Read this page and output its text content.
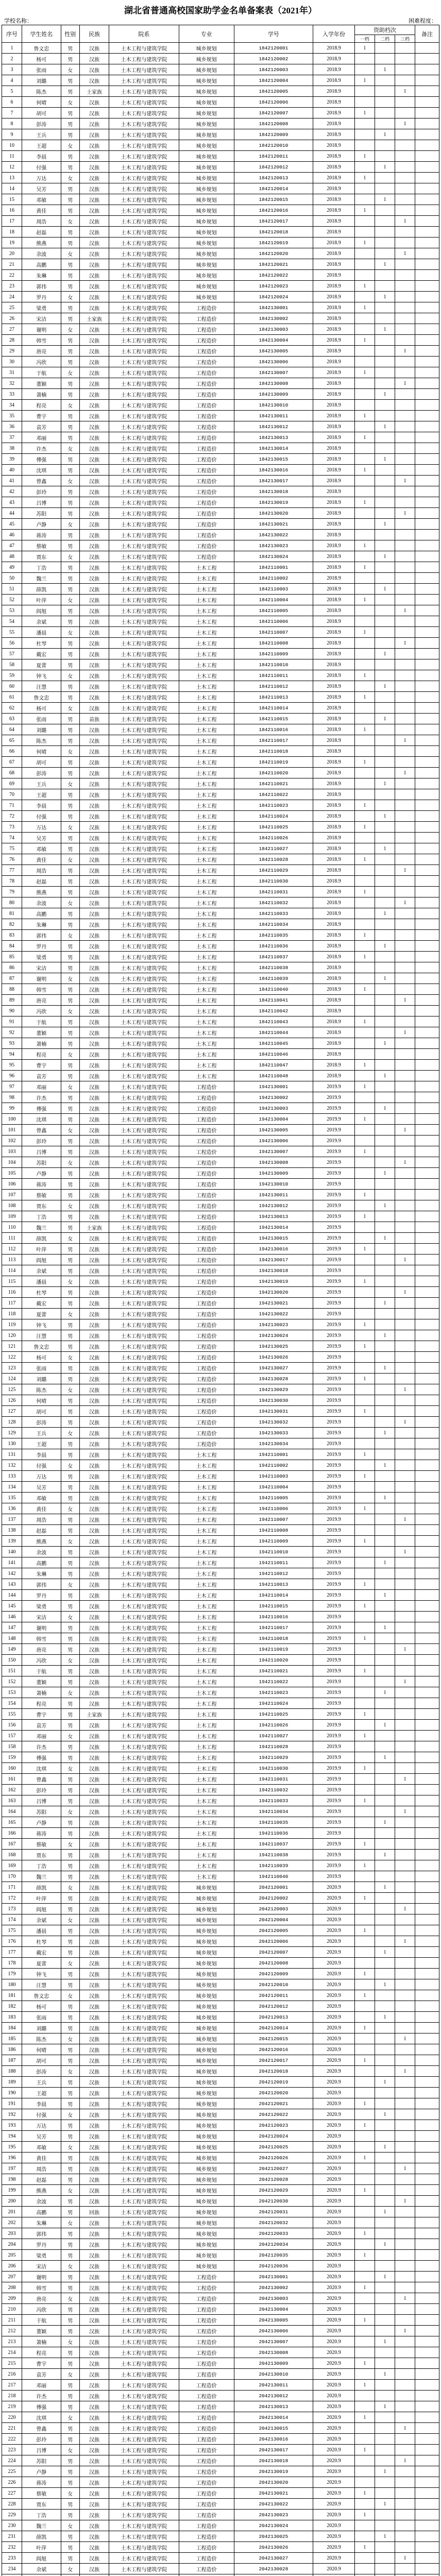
湖北省普通高校国家助学金名单备案表（2021年）
学校名称：	困难程度：
序号	学生姓名	性别	民族	院系	专业	学号	入学年份	资助档次			备注
								一档	二档	三档	
1	鲁文忠	男	汉族	土木工程与建筑学院	城乡规划	1842120001	2018.9	1			
2	杨可	男	汉族	土木工程与建筑学院	城乡规划	1842120002	2018.9				
3	张雨	女	汉族	土木工程与建筑学院	城乡规划	1842120003	2018.9		1		
4	刘璐	男	汉族	土木工程与建筑学院	城乡规划	1842120004	2018.9	1			
5	陈杰	男	土家族	土木工程与建筑学院	城乡规划	1842120005	2018.9			1	
6	何晴	女	汉族	土木工程与建筑学院	城乡规划	1842120006	2018.9				
7	胡可	男	汉族	土木工程与建筑学院	城乡规划	1842120007	2018.9	1			
8	彭涛	男	汉族	土木工程与建筑学院	城乡规划	1842120008	2018.9			1	
9	王兵	男	汉族	土木工程与建筑学院	城乡规划	1842120009	2018.9		1		
10	王超	女	汉族	土木工程与建筑学院	城乡规划	1842120010	2018.9				
11	李晨	男	汉族	土木工程与建筑学院	城乡规划	1842120011	2018.9	1			
12	付强	男	汉族	土木工程与建筑学院	城乡规划	1842120012	2018.9		1		
13	万达	女	汉族	土木工程与建筑学院	城乡规划	1842120013	2018.9	1			
14	吴芳	男	汉族	土木工程与建筑学院	城乡规划	1842120014	2018.9				
15	邓敏	男	汉族	土木工程与建筑学院	城乡规划	1842120015	2018.9		1		
16	黄佳	男	汉族	土木工程与建筑学院	城乡规划	1842120016	2018.9	1			
17	周浩	女	汉族	土木工程与建筑学院	城乡规划	1842120017	2018.9			1	
18	赵磊	男	汉族	土木工程与建筑学院	城乡规划	1842120018	2018.9				
19	熊燕	男	汉族	土木工程与建筑学院	城乡规划	1842120019	2018.9	1			
20	余波	女	汉族	土木工程与建筑学院	城乡规划	1842120020	2018.9			1	
21	高鹏	男	汉族	土木工程与建筑学院	城乡规划	1842120021	2018.9		1		
22	朱琳	男	汉族	土木工程与建筑学院	城乡规划	1842120022	2018.9				
23	郭伟	男	汉族	土木工程与建筑学院	城乡规划	1842120023	2018.9	1			
24	罗丹	女	汉族	土木工程与建筑学院	城乡规划	1842120024	2018.9		1		
25	梁勇	男	汉族	土木工程与建筑学院	工程造价	1842130001	2018.9	1			
26	宋洁	男	土家族	土木工程与建筑学院	工程造价	1842130002	2018.9				
27	谢明	女	汉族	土木工程与建筑学院	工程造价	1842130003	2018.9		1		
28	韩雪	男	汉族	土木工程与建筑学院	工程造价	1842130004	2018.9	1			
29	唐亮	男	汉族	土木工程与建筑学院	工程造价	1842130005	2018.9			1	
30	冯欣	男	汉族	土木工程与建筑学院	工程造价	1842130006	2018.9				
31	于航	女	汉族	土木工程与建筑学院	工程造价	1842130007	2018.9	1			
32	董颖	男	汉族	土木工程与建筑学院	工程造价	1842130008	2018.9			1	
33	萧楠	男	汉族	土木工程与建筑学院	工程造价	1842130009	2018.9		1		
34	程亮	女	汉族	土木工程与建筑学院	工程造价	1842130010	2018.9				
35	曹宇	男	汉族	土木工程与建筑学院	工程造价	1842130011	2018.9	1			
36	袁芳	男	汉族	土木工程与建筑学院	工程造价	1842130012	2018.9		1		
37	邓丽	男	汉族	土木工程与建筑学院	工程造价	1842130013	2018.9	1			
38	许杰	女	汉族	土木工程与建筑学院	工程造价	1842130014	2018.9				
39	傅强	男	汉族	土木工程与建筑学院	工程造价	1842130015	2018.9		1		
40	沈琪	男	汉族	土木工程与建筑学院	工程造价	1842130016	2018.9	1			
41	曾鑫	女	汉族	土木工程与建筑学院	工程造价	1842130017	2018.9			1	
42	彭玲	男	汉族	土木工程与建筑学院	工程造价	1842130018	2018.9				
43	吕博	男	汉族	土木工程与建筑学院	工程造价	1842130019	2018.9	1			
44	苏阳	男	汉族	土木工程与建筑学院	工程造价	1842130020	2018.9			1	
45	卢静	女	汉族	土木工程与建筑学院	工程造价	1842130021	2018.9		1		
46	蒋涛	男	汉族	土木工程与建筑学院	工程造价	1842130022	2018.9				
47	蔡敏	男	汉族	土木工程与建筑学院	工程造价	1842130023	2018.9	1			
48	贾东	女	汉族	土木工程与建筑学院	工程造价	1842130024	2018.9		1		
49	丁浩	男	汉族	土木工程与建筑学院	土木工程	1842110001	2018.9	1			
50	魏兰	男	汉族	土木工程与建筑学院	土木工程	1842110002	2018.9				
51	薛凯	男	汉族	土木工程与建筑学院	土木工程	1842110003	2018.9		1		
52	叶萍	女	汉族	土木工程与建筑学院	土木工程	1842110004	2018.9	1			
53	阎旭	男	汉族	土木工程与建筑学院	土木工程	1842110005	2018.9			1	
54	余斌	男	汉族	土木工程与建筑学院	土木工程	1842110006	2018.9				
55	潘晨	女	汉族	土木工程与建筑学院	土木工程	1842110007	2018.9	1			
56	杜琴	男	汉族	土木工程与建筑学院	土木工程	1842110008	2018.9			1	
57	戴宏	男	汉族	土木工程与建筑学院	土木工程	1842110009	2018.9		1		
58	夏蕾	男	汉族	土木工程与建筑学院	土木工程	1842110010	2018.9				
59	钟飞	女	汉族	土木工程与建筑学院	土木工程	1842110011	2018.9	1			
60	汪慧	男	汉族	土木工程与建筑学院	土木工程	1842110012	2018.9		1		
61	鲁文忠	男	汉族	土木工程与建筑学院	土木工程	1842110013	2018.9	1			
62	杨可	女	汉族	土木工程与建筑学院	土木工程	1842110014	2018.9				
63	张雨	男	苗族	土木工程与建筑学院	土木工程	1842110015	2018.9		1		
64	刘璐	男	汉族	土木工程与建筑学院	土木工程	1842110016	2018.9	1			
65	陈杰	男	汉族	土木工程与建筑学院	土木工程	1842110017	2018.9			1	
66	何晴	女	汉族	土木工程与建筑学院	土木工程	1842110018	2018.9				
67	胡可	男	汉族	土木工程与建筑学院	土木工程	1842110019	2018.9	1			
68	彭涛	男	汉族	土木工程与建筑学院	土木工程	1842110020	2018.9			1	
69	王兵	女	汉族	土木工程与建筑学院	土木工程	1842110021	2018.9		1		
70	王超	男	汉族	土木工程与建筑学院	土木工程	1842110022	2018.9				
71	李晨	男	汉族	土木工程与建筑学院	土木工程	1842110023	2018.9	1			
72	付强	男	汉族	土木工程与建筑学院	土木工程	1842110024	2018.9		1		
73	万达	女	汉族	土木工程与建筑学院	土木工程	1842110025	2018.9	1			
74	吴芳	男	汉族	土木工程与建筑学院	土木工程	1842110026	2018.9				
75	邓敏	男	汉族	土木工程与建筑学院	土木工程	1842110027	2018.9		1		
76	黄佳	女	汉族	土木工程与建筑学院	土木工程	1842110028	2018.9	1			
77	周浩	男	汉族	土木工程与建筑学院	土木工程	1842110029	2018.9			1	
78	赵磊	男	汉族	土木工程与建筑学院	土木工程	1842110030	2018.9				
79	熊燕	男	汉族	土木工程与建筑学院	土木工程	1842110031	2018.9	1			
80	余波	女	汉族	土木工程与建筑学院	土木工程	1842110032	2018.9			1	
81	高鹏	男	汉族	土木工程与建筑学院	土木工程	1842110033	2018.9		1		
82	朱琳	男	汉族	土木工程与建筑学院	土木工程	1842110034	2018.9				
83	郭伟	女	汉族	土木工程与建筑学院	土木工程	1842110035	2018.9	1			
84	罗丹	男	汉族	土木工程与建筑学院	土木工程	1842110036	2018.9		1		
85	梁勇	男	汉族	土木工程与建筑学院	土木工程	1842110037	2018.9	1			
86	宋洁	男	汉族	土木工程与建筑学院	土木工程	1842110038	2018.9				
87	谢明	女	汉族	土木工程与建筑学院	土木工程	1842110039	2018.9		1		
88	韩雪	男	汉族	土木工程与建筑学院	土木工程	1842110040	2018.9	1			
89	唐亮	男	汉族	土木工程与建筑学院	土木工程	1842110041	2018.9			1	
90	冯欣	女	汉族	土木工程与建筑学院	土木工程	1842110042	2018.9				
91	于航	男	汉族	土木工程与建筑学院	土木工程	1842110043	2018.9	1			
92	董颖	男	汉族	土木工程与建筑学院	土木工程	1842110044	2018.9			1	
93	萧楠	男	汉族	土木工程与建筑学院	土木工程	1842110045	2018.9		1		
94	程亮	女	汉族	土木工程与建筑学院	土木工程	1842110046	2018.9				
95	曹宇	男	汉族	土木工程与建筑学院	土木工程	1842110047	2018.9	1			
96	袁芳	男	汉族	土木工程与建筑学院	土木工程	1842110048	2018.9		1		
97	邓丽	女	汉族	土木工程与建筑学院	工程造价	1942130001	2019.9	1			
98	许杰	男	汉族	土木工程与建筑学院	工程造价	1942130002	2019.9				
99	傅强	男	汉族	土木工程与建筑学院	工程造价	1942130003	2019.9		1		
100	沈琪	男	汉族	土木工程与建筑学院	工程造价	1942130004	2019.9	1			
101	曾鑫	女	汉族	土木工程与建筑学院	工程造价	1942130005	2019.9			1	
102	彭玲	男	汉族	土木工程与建筑学院	工程造价	1942130006	2019.9				
103	吕博	男	汉族	土木工程与建筑学院	工程造价	1942130007	2019.9	1			
104	苏阳	女	汉族	土木工程与建筑学院	工程造价	1942130008	2019.9			1	
105	卢静	男	汉族	土木工程与建筑学院	工程造价	1942130009	2019.9		1		
106	蒋涛	男	汉族	土木工程与建筑学院	工程造价	1942130010	2019.9				
107	蔡敏	男	汉族	土木工程与建筑学院	工程造价	1942130011	2019.9	1			
108	贾东	女	汉族	土木工程与建筑学院	工程造价	1942130012	2019.9		1		
109	丁浩	男	汉族	土木工程与建筑学院	工程造价	1942130013	2019.9	1			
110	魏兰	男	土家族	土木工程与建筑学院	工程造价	1942130014	2019.9				
111	薛凯	女	汉族	土木工程与建筑学院	工程造价	1942130015	2019.9		1		
112	叶萍	男	汉族	土木工程与建筑学院	工程造价	1942130016	2019.9	1			
113	阎旭	男	汉族	土木工程与建筑学院	工程造价	1942130017	2019.9			1	
114	余斌	男	汉族	土木工程与建筑学院	工程造价	1942130018	2019.9				
115	潘晨	女	汉族	土木工程与建筑学院	工程造价	1942130019	2019.9	1			
116	杜琴	男	汉族	土木工程与建筑学院	工程造价	1942130020	2019.9			1	
117	戴宏	男	汉族	土木工程与建筑学院	工程造价	1942130021	2019.9		1		
118	夏蕾	女	汉族	土木工程与建筑学院	工程造价	1942130022	2019.9				
119	钟飞	男	汉族	土木工程与建筑学院	工程造价	1942130023	2019.9	1			
120	汪慧	男	汉族	土木工程与建筑学院	工程造价	1942130024	2019.9		1		
121	鲁文忠	男	汉族	土木工程与建筑学院	工程造价	1942130025	2019.9	1			
122	杨可	女	汉族	土木工程与建筑学院	工程造价	1942130026	2019.9				
123	张雨	男	汉族	土木工程与建筑学院	工程造价	1942130027	2019.9		1		
124	刘璐	男	汉族	土木工程与建筑学院	工程造价	1942130028	2019.9	1			
125	陈杰	女	汉族	土木工程与建筑学院	工程造价	1942130029	2019.9			1	
126	何晴	男	汉族	土木工程与建筑学院	工程造价	1942130030	2019.9				
127	胡可	男	汉族	土木工程与建筑学院	工程造价	1942130031	2019.9	1			
128	彭涛	男	汉族	土木工程与建筑学院	工程造价	1942130032	2019.9			1	
129	王兵	女	汉族	土木工程与建筑学院	工程造价	1942130033	2019.9		1		
130	王超	男	汉族	土木工程与建筑学院	工程造价	1942130034	2019.9				
131	李晨	男	汉族	土木工程与建筑学院	土木工程	1942110001	2019.9	1			
132	付强	女	汉族	土木工程与建筑学院	土木工程	1942110002	2019.9		1		
133	万达	男	汉族	土木工程与建筑学院	土木工程	1942110003	2019.9	1			
134	吴芳	男	汉族	土木工程与建筑学院	土木工程	1942110004	2019.9				
135	邓敏	男	汉族	土木工程与建筑学院	土木工程	1942110005	2019.9		1		
136	黄佳	女	汉族	土木工程与建筑学院	土木工程	1942110006	2019.9	1			
137	周浩	男	汉族	土木工程与建筑学院	土木工程	1942110007	2019.9			1	
138	赵磊	男	汉族	土木工程与建筑学院	土木工程	1942110008	2019.9				
139	熊燕	女	汉族	土木工程与建筑学院	土木工程	1942110009	2019.9	1			
140	余波	男	汉族	土木工程与建筑学院	土木工程	1942110010	2019.9			1	
141	高鹏	男	汉族	土木工程与建筑学院	土木工程	1942110011	2019.9		1		
142	朱琳	男	汉族	土木工程与建筑学院	土木工程	1942110012	2019.9				
143	郭伟	女	汉族	土木工程与建筑学院	土木工程	1942110013	2019.9	1			
144	罗丹	男	汉族	土木工程与建筑学院	土木工程	1942110014	2019.9		1		
145	梁勇	男	汉族	土木工程与建筑学院	土木工程	1942110015	2019.9	1			
146	宋洁	女	汉族	土木工程与建筑学院	土木工程	1942110016	2019.9				
147	谢明	男	汉族	土木工程与建筑学院	土木工程	1942110017	2019.9		1		
148	韩雪	男	汉族	土木工程与建筑学院	土木工程	1942110018	2019.9	1			
149	唐亮	男	汉族	土木工程与建筑学院	土木工程	1942110019	2019.9			1	
150	冯欣	女	汉族	土木工程与建筑学院	土木工程	1942110020	2019.9				
151	于航	男	汉族	土木工程与建筑学院	土木工程	1942110021	2019.9	1			
152	董颖	男	汉族	土木工程与建筑学院	土木工程	1942110022	2019.9			1	
153	萧楠	女	汉族	土木工程与建筑学院	土木工程	1942110023	2019.9		1		
154	程亮	男	汉族	土木工程与建筑学院	土木工程	1942110024	2019.9				
155	曹宇	男	土家族	土木工程与建筑学院	土木工程	1942110025	2019.9	1			
156	袁芳	男	汉族	土木工程与建筑学院	土木工程	1942110026	2019.9		1		
157	邓丽	女	汉族	土木工程与建筑学院	土木工程	1942110027	2019.9	1			
158	许杰	男	汉族	土木工程与建筑学院	土木工程	1942110028	2019.9				
159	傅强	男	汉族	土木工程与建筑学院	土木工程	1942110029	2019.9		1		
160	沈琪	女	汉族	土木工程与建筑学院	土木工程	1942110030	2019.9	1			
161	曾鑫	男	汉族	土木工程与建筑学院	土木工程	1942110031	2019.9			1	
162	彭玲	男	汉族	土木工程与建筑学院	土木工程	1942110032	2019.9				
163	吕博	男	汉族	土木工程与建筑学院	土木工程	1942110033	2019.9	1			
164	苏阳	女	汉族	土木工程与建筑学院	土木工程	1942110034	2019.9			1	
165	卢静	男	汉族	土木工程与建筑学院	土木工程	1942110035	2019.9		1		
166	蒋涛	男	汉族	土木工程与建筑学院	土木工程	1942110036	2019.9				
167	蔡敏	女	汉族	土木工程与建筑学院	土木工程	1942110037	2019.9	1			
168	贾东	男	汉族	土木工程与建筑学院	土木工程	1942110038	2019.9		1		
169	丁浩	男	汉族	土木工程与建筑学院	土木工程	1942110039	2019.9	1			
170	魏兰	男	汉族	土木工程与建筑学院	土木工程	1942110040	2019.9				
171	薛凯	女	汉族	土木工程与建筑学院	城乡规划	2042120001	2020.9		1		
172	叶萍	男	汉族	土木工程与建筑学院	城乡规划	2042120002	2020.9	1			
173	阎旭	男	汉族	土木工程与建筑学院	城乡规划	2042120003	2020.9			1	
174	余斌	女	汉族	土木工程与建筑学院	城乡规划	2042120004	2020.9				
175	潘晨	男	汉族	土木工程与建筑学院	城乡规划	2042120005	2020.9	1			
176	杜琴	男	汉族	土木工程与建筑学院	城乡规划	2042120006	2020.9			1	
177	戴宏	男	汉族	土木工程与建筑学院	城乡规划	2042120007	2020.9		1		
178	夏蕾	女	汉族	土木工程与建筑学院	城乡规划	2042120008	2020.9				
179	钟飞	男	汉族	土木工程与建筑学院	城乡规划	2042120009	2020.9	1			
180	汪慧	男	汉族	土木工程与建筑学院	城乡规划	2042120010	2020.9		1		
181	鲁文忠	女	汉族	土木工程与建筑学院	城乡规划	2042120011	2020.9	1			
182	杨可	男	汉族	土木工程与建筑学院	城乡规划	2042120012	2020.9				
183	张雨	男	汉族	土木工程与建筑学院	城乡规划	2042120013	2020.9		1		
184	刘璐	男	汉族	土木工程与建筑学院	城乡规划	2042120014	2020.9	1			
185	陈杰	女	汉族	土木工程与建筑学院	城乡规划	2042120015	2020.9			1	
186	何晴	男	汉族	土木工程与建筑学院	城乡规划	2042120016	2020.9				
187	胡可	男	汉族	土木工程与建筑学院	城乡规划	2042120017	2020.9	1			
188	彭涛	女	汉族	土木工程与建筑学院	城乡规划	2042120018	2020.9			1	
189	王兵	男	汉族	土木工程与建筑学院	城乡规划	2042120019	2020.9		1		
190	王超	男	汉族	土木工程与建筑学院	城乡规划	2042120020	2020.9				
191	李晨	男	汉族	土木工程与建筑学院	城乡规划	2042120021	2020.9	1			
192	付强	女	汉族	土木工程与建筑学院	城乡规划	2042120022	2020.9		1		
193	万达	男	汉族	土木工程与建筑学院	城乡规划	2042120023	2020.9	1			
194	吴芳	男	汉族	土木工程与建筑学院	城乡规划	2042120024	2020.9				
195	邓敏	女	汉族	土木工程与建筑学院	城乡规划	2042120025	2020.9		1		
196	黄佳	男	汉族	土木工程与建筑学院	城乡规划	2042120026	2020.9	1			
197	周浩	男	汉族	土木工程与建筑学院	城乡规划	2042120027	2020.9			1	
198	赵磊	男	汉族	土木工程与建筑学院	城乡规划	2042120028	2020.9				
199	熊燕	女	汉族	土木工程与建筑学院	城乡规划	2042120029	2020.9	1			
200	余波	男	汉族	土木工程与建筑学院	城乡规划	2042120030	2020.9			1	
201	高鹏	男	回族	土木工程与建筑学院	城乡规划	2042120031	2020.9		1		
202	朱琳	女	汉族	土木工程与建筑学院	城乡规划	2042120032	2020.9				
203	郭伟	男	汉族	土木工程与建筑学院	城乡规划	2042120033	2020.9	1			
204	罗丹	男	汉族	土木工程与建筑学院	城乡规划	2042120034	2020.9		1		
205	梁勇	男	汉族	土木工程与建筑学院	城乡规划	2042120035	2020.9	1			
206	宋洁	女	汉族	土木工程与建筑学院	城乡规划	2042120036	2020.9				
207	谢明	男	汉族	土木工程与建筑学院	工程造价	2042130001	2020.9		1		
208	韩雪	男	汉族	土木工程与建筑学院	工程造价	2042130002	2020.9	1			
209	唐亮	女	汉族	土木工程与建筑学院	工程造价	2042130003	2020.9			1	
210	冯欣	男	汉族	土木工程与建筑学院	工程造价	2042130004	2020.9				
211	于航	男	汉族	土木工程与建筑学院	工程造价	2042130005	2020.9	1			
212	董颖	男	汉族	土木工程与建筑学院	工程造价	2042130006	2020.9			1	
213	萧楠	女	汉族	土木工程与建筑学院	工程造价	2042130007	2020.9		1		
214	程亮	男	汉族	土木工程与建筑学院	工程造价	2042130008	2020.9				
215	曹宇	男	汉族	土木工程与建筑学院	工程造价	2042130009	2020.9	1			
216	袁芳	女	汉族	土木工程与建筑学院	工程造价	2042130010	2020.9		1		
217	邓丽	男	汉族	土木工程与建筑学院	工程造价	2042130011	2020.9	1			
218	许杰	男	汉族	土木工程与建筑学院	工程造价	2042130012	2020.9				
219	傅强	男	汉族	土木工程与建筑学院	工程造价	2042130013	2020.9		1		
220	沈琪	女	汉族	土木工程与建筑学院	工程造价	2042130014	2020.9	1			
221	曾鑫	男	汉族	土木工程与建筑学院	工程造价	2042130015	2020.9			1	
222	彭玲	男	汉族	土木工程与建筑学院	工程造价	2042130016	2020.9				
223	吕博	女	汉族	土木工程与建筑学院	工程造价	2042130017	2020.9	1			
224	苏阳	男	汉族	土木工程与建筑学院	工程造价	2042130018	2020.9			1	
225	卢静	男	汉族	土木工程与建筑学院	工程造价	2042130019	2020.9		1		
226	蒋涛	男	汉族	土木工程与建筑学院	工程造价	2042130020	2020.9				
227	蔡敏	女	汉族	土木工程与建筑学院	工程造价	2042130021	2020.9	1			
228	贾东	男	汉族	土木工程与建筑学院	工程造价	2042130022	2020.9		1		
229	丁浩	男	汉族	土木工程与建筑学院	工程造价	2042130023	2020.9	1			
230	魏兰	女	汉族	土木工程与建筑学院	工程造价	2042130024	2020.9				
231	薛凯	男	汉族	土木工程与建筑学院	工程造价	2042130025	2020.9		1		
232	叶萍	男	汉族	土木工程与建筑学院	工程造价	2042130026	2020.9	1			
233	阎旭	男	汉族	土木工程与建筑学院	工程造价	2042130027	2020.9			1	
234	余斌	女	汉族	土木工程与建筑学院	工程造价	2042130028	2020.9				
